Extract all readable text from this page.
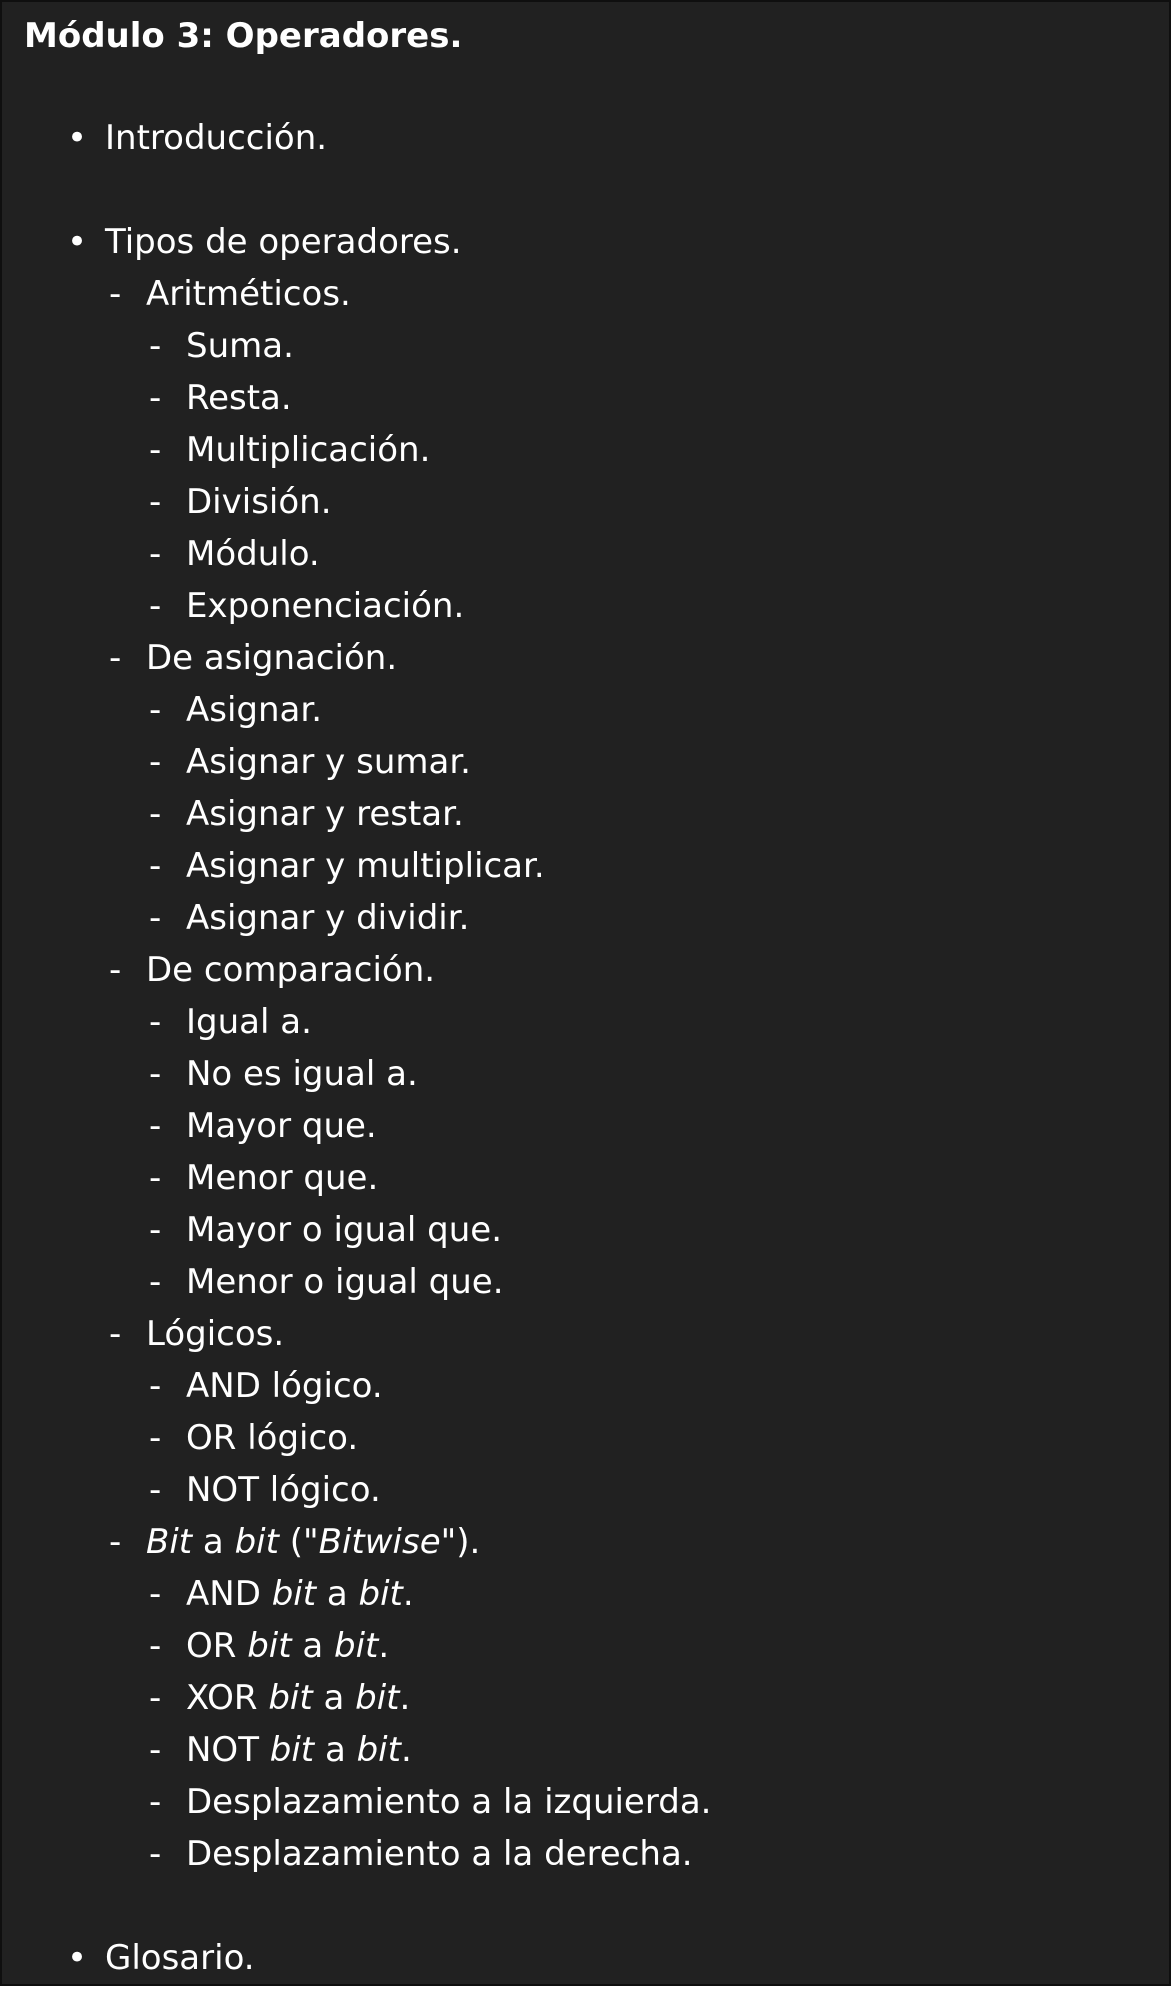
Módulo 3: Operadores.
• Introducción.
• Tipos de operadores.
- Aritméticos.
- Suma.
- Resta.
- Multiplicación.
- División.
- Módulo.
- Exponenciación.
- De asignación.
- Asignar.
- Asignar y sumar.
- Asignar y restar.
- Asignar y multiplicar.
- Asignar y dividir.
- De comparación.
- Igual a.
- No es igual a.
- Mayor que.
- Menor que.
- Mayor o igual que.
- Menor o igual que.
- Lógicos.
- AND lógico.
- OR lógico.
- NOT lógico.
- Bit a bit ("Bitwise").
- AND bit a bit.
- OR bit a bit.
- XOR bit a bit.
- NOT bit a bit.
- Desplazamiento a la izquierda.
- Desplazamiento a la derecha.
• Glosario.
